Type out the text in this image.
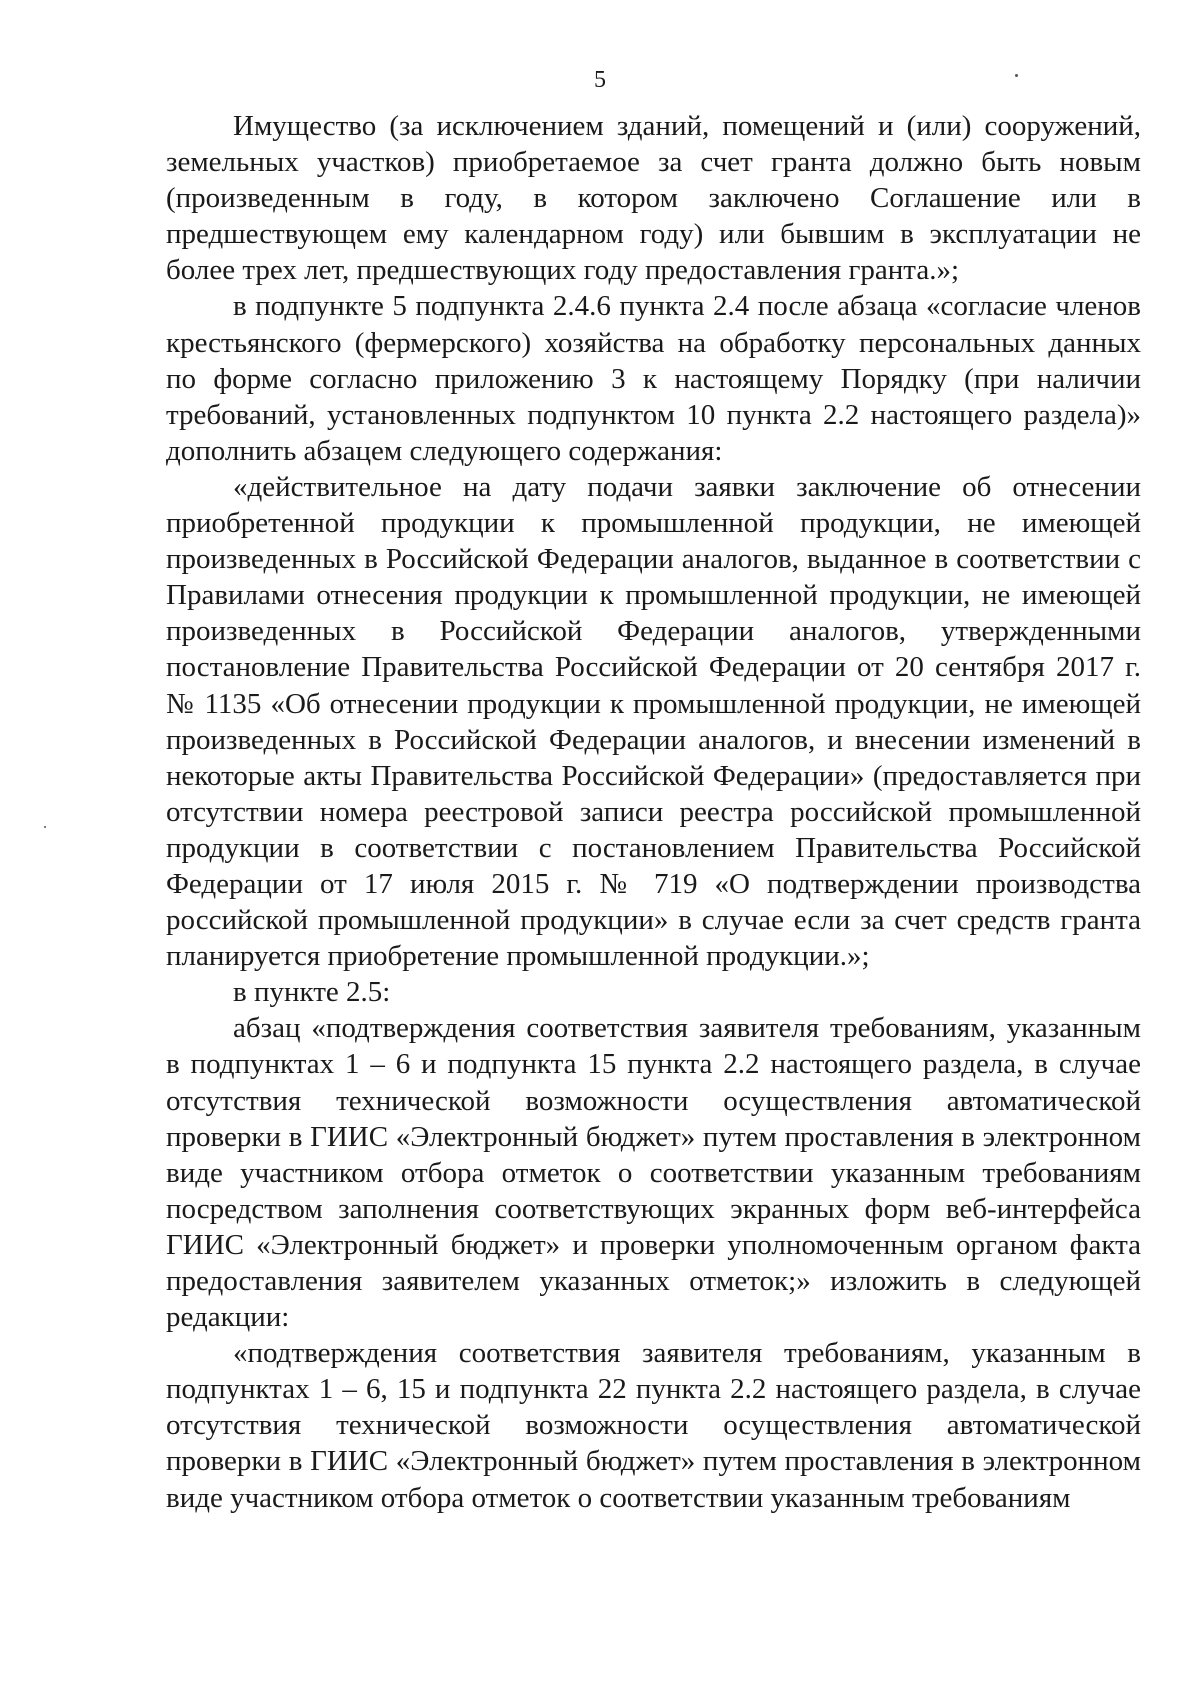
5

Имущество (за исключением зданий, помещений и (или) сооружений, земельных участков) приобретаемое за счет гранта должно быть новым (произведенным в году, в котором заключено Соглашение или в предшествующем ему календарном году) или бывшим в эксплуатации не более трех лет, предшествующих году предоставления гранта.»;

в подпункте 5 подпункта 2.4.6 пункта 2.4 после абзаца «согласие членов крестьянского (фермерского) хозяйства на обработку персональных данных по форме согласно приложению 3 к настоящему Порядку (при наличии требований, установленных подпунктом 10 пункта 2.2 настоящего раздела)» дополнить абзацем следующего содержания:

«действительное на дату подачи заявки заключение об отнесении приобретенной продукции к промышленной продукции, не имеющей произведенных в Российской Федерации аналогов, выданное в соответствии с Правилами отнесения продукции к промышленной продукции, не имеющей произведенных в Российской Федерации аналогов, утвержденными постановление Правительства Российской Федерации от 20 сентября 2017 г. № 1135 «Об отнесении продукции к промышленной продукции, не имеющей произведенных в Российской Федерации аналогов, и внесении изменений в некоторые акты Правительства Российской Федерации» (предоставляется при отсутствии номера реестровой записи реестра российской промышленной продукции в соответствии с постановлением Правительства Российской Федерации от 17 июля 2015 г. № 719 «О подтверждении производства российской промышленной продукции» в случае если за счет средств гранта планируется приобретение промышленной продукции.»;

в пункте 2.5:

абзац «подтверждения соответствия заявителя требованиям, указанным в подпунктах 1 – 6 и подпункта 15 пункта 2.2 настоящего раздела, в случае отсутствия технической возможности осуществления автоматической проверки в ГИИС «Электронный бюджет» путем проставления в электронном виде участником отбора отметок о соответствии указанным требованиям посредством заполнения соответствующих экранных форм веб-интерфейса ГИИС «Электронный бюджет» и проверки уполномоченным органом факта предоставления заявителем указанных отметок;» изложить в следующей редакции:

«подтверждения соответствия заявителя требованиям, указанным в подпунктах 1 – 6, 15 и подпункта 22 пункта 2.2 настоящего раздела, в случае отсутствия технической возможности осуществления автоматической проверки в ГИИС «Электронный бюджет» путем проставления в электронном виде участником отбора отметок о соответствии указанным требованиям
